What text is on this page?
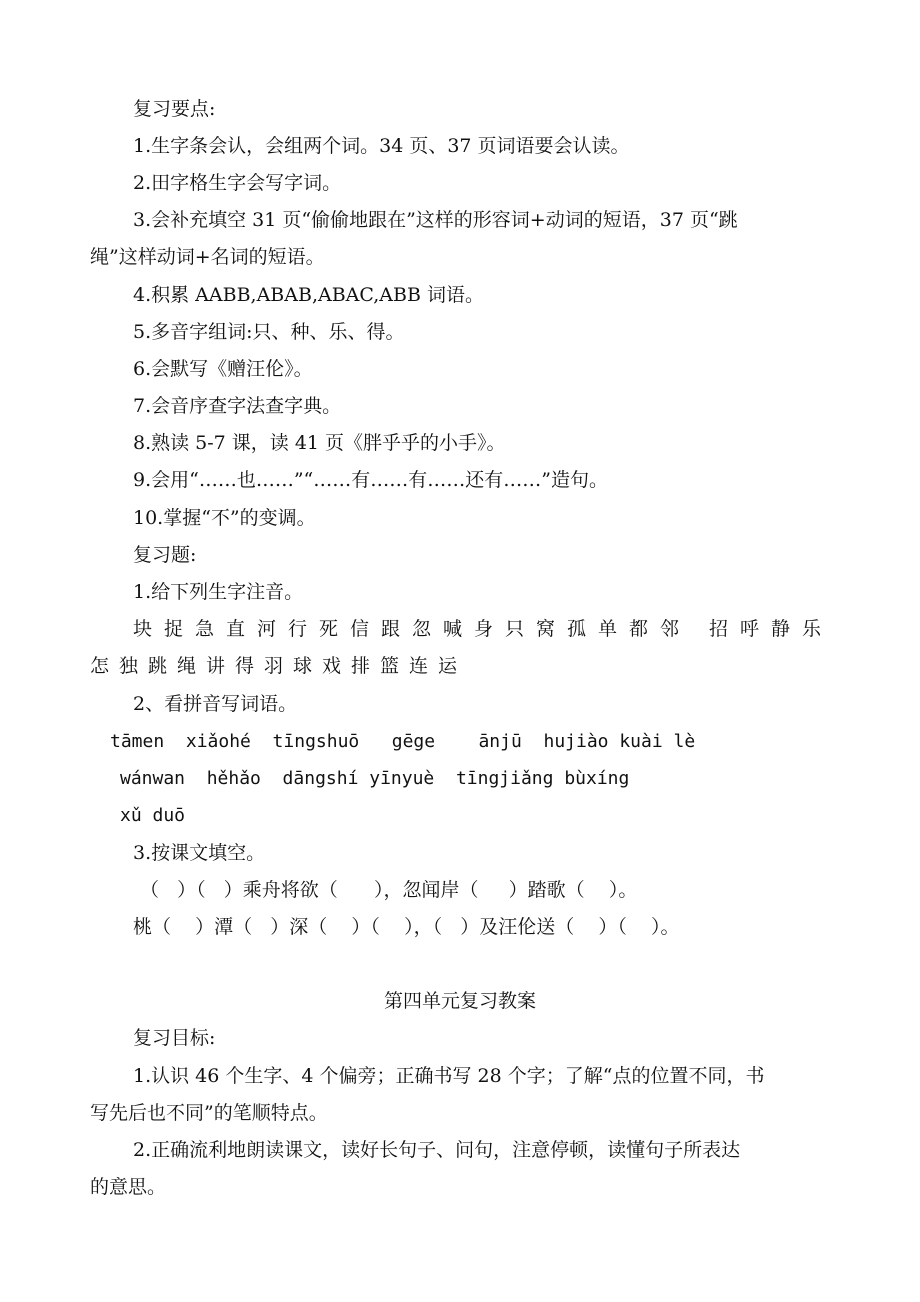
复习要点:
1.生字条会认，会组两个词。34 页、37 页词语要会认读。
2.田字格生字会写字词。
3.会补充填空 31 页“偷偷地跟在”这样的形容词+动词的短语，37 页“跳
绳”这样动词+名词的短语。
4.积累 AABB,ABAB,ABAC,ABB 词语。
5.多音字组词:只、种、乐、得。
6.会默写《赠汪伦》。
7.会音序查字法查字典。
8.熟读 5-7 课，读 41 页《胖乎乎的小手》。
9.会用“……也……”“……有……有……还有……”造句。
10.掌握“不”的变调。
复习题:
1.给下列生字注音。
块捉急直河行死信跟忽喊身只窝孤单都邻 招呼静乐
怎独跳绳讲得羽球戏排篮连运
2、看拼音写词语。
tāmen  xiǎohé  tīngshuō   gēge    ānjū  hujiào kuài lè
wánwan  hěhǎo  dāngshí yīnyuè  tīngjiǎng bùxíng
xǔ duō
3.按课文填空。
（   ）（   ）乘舟将欲（      ），忽闻岸（     ）踏歌（    ）。
桃（    ）潭（   ）深（    ）（    ），（   ）及汪伦送（    ）（    ）。
第四单元复习教案
复习目标:
1.认识 46 个生字、4 个偏旁；正确书写 28 个字；了解“点的位置不同，书
写先后也不同”的笔顺特点。
2.正确流利地朗读课文，读好长句子、问句，注意停顿，读懂句子所表达
的意思。
